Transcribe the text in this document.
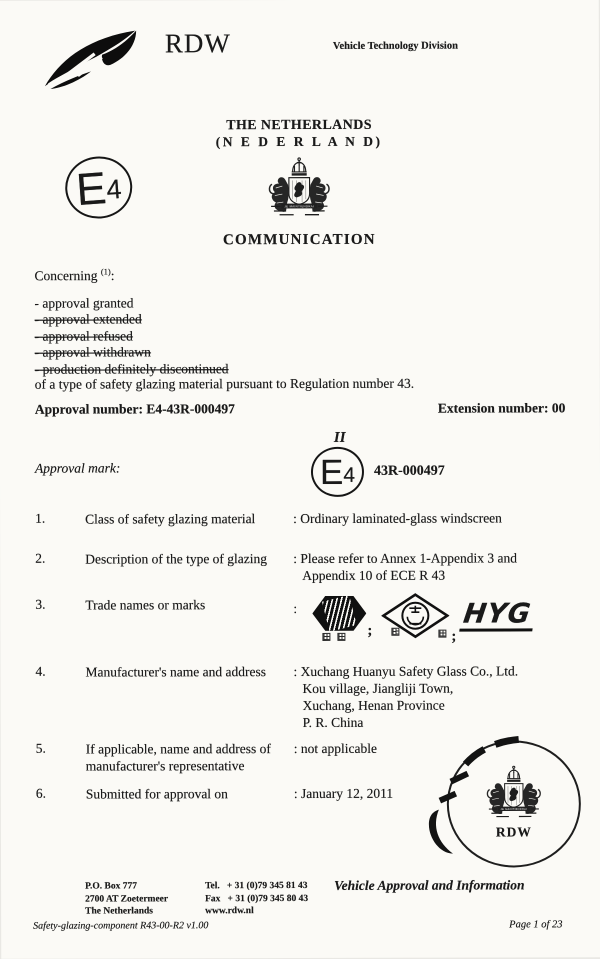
RDW	Vehicle Technology Division
E
4
THE NETHERLANDS
(N E D E R L A N D)
COMMUNICATION
Concerning $^{(1)}$:
- approval granted
- approval extended
- approval refused
- approval withdrawn
- production definitely discontinued
of a type of safety glazing material pursuant to Regulation number 43.
Approval number: E4-43R-000497	Extension number: 00
Approval mark:
II
E 4 43R-000497
1.	Class of safety glazing material	: Ordinary laminated-glass windscreen
2.	Description of the type of glazing : Please refer to Annex 1-Appendix 3 and
Appendix 10 of ECE R 43
3.	Trade names or marks	:
;	;
HYG
4.	Manufacturer's name and address : Xuchang Huanyu Safety Glass Co., Ltd.
Kou village, Jiangliji Town,
Xuchang, Henan Province
P. R. China
5.	If applicable, name and address of
manufacturer's representative
: not applicable
6.	Submitted for approval on	: January 12, 2011
RDW
P.O. Box 777
2700 AT Zoetermeer
The Netherlands
Tel.   + 31 (0)79 345 81 43
Fax   + 31 (0)79 345 80 43
www.rdw.nl
Vehicle Approval and Information
Safety-glazing-component R43-00-R2 v1.00	Page 1 of 23
